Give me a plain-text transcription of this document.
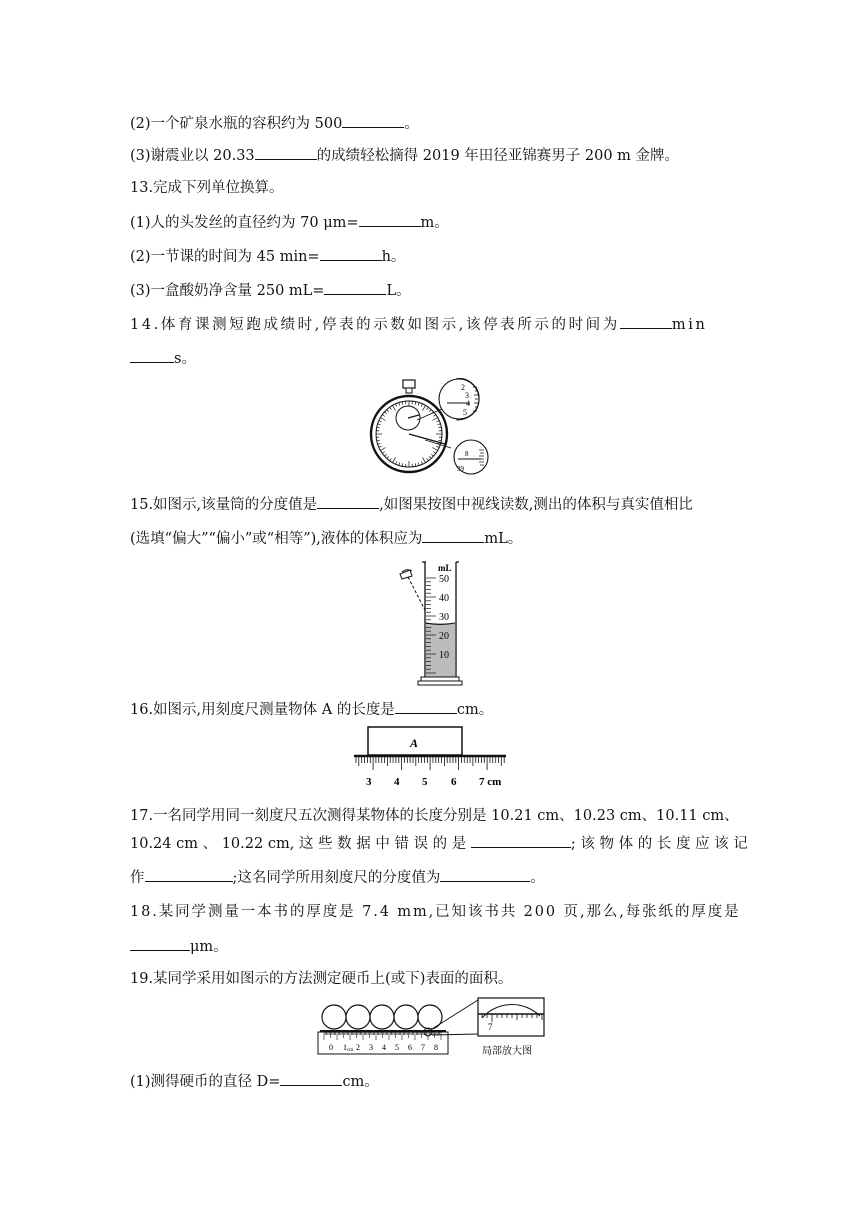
(2)一个矿泉水瓶的容积约为 500	。
(3)谢震业以 20.33	的成绩轻松摘得 2019 年田径亚锦赛男子 200 m 金牌。
13.完成下列单位换算。
(1)人的头发丝的直径约为 70 μm=	m。
(2)一节课的时间为 45 min=	h。
(3)一盒酸奶净含量 250 mL=	L。
14.体育课测短跑成绩时,停表的示数如图示,该停表所示的时间为	min
s。
2
3
4
5
8
39
15.如图示,该量筒的分度值是	,如图果按图中视线读数,测出的体积与真实值相比
(选填“偏大”“偏小”或“相等”),液体的体积应为	mL。
mL
50
40
30
20
10
16.如图示,用刻度尺测量物体 A 的长度是	cm。
A
3 4 5 6 7 cm
17.一名同学用同一刻度尺五次测得某物体的长度分别是 10.21 cm、10.23 cm、10.11 cm、
10.24 cm 、 10.22 cm, 这 些 数 据 中 错 误 的 是	; 该 物 体 的 长 度 应 该 记
作	;这名同学所用刻度尺的分度值为	。
18.某同学测量一本书的厚度是 7.4 mm,已知该书共 200 页,那么,每张纸的厚度是
μm。
19.某同学采用如图示的方法测定硬币上(或下)表面的面积。
0 1 cm 2 3 4 5 6 7 8
7
局部放大图
(1)测得硬币的直径 D=	cm。
